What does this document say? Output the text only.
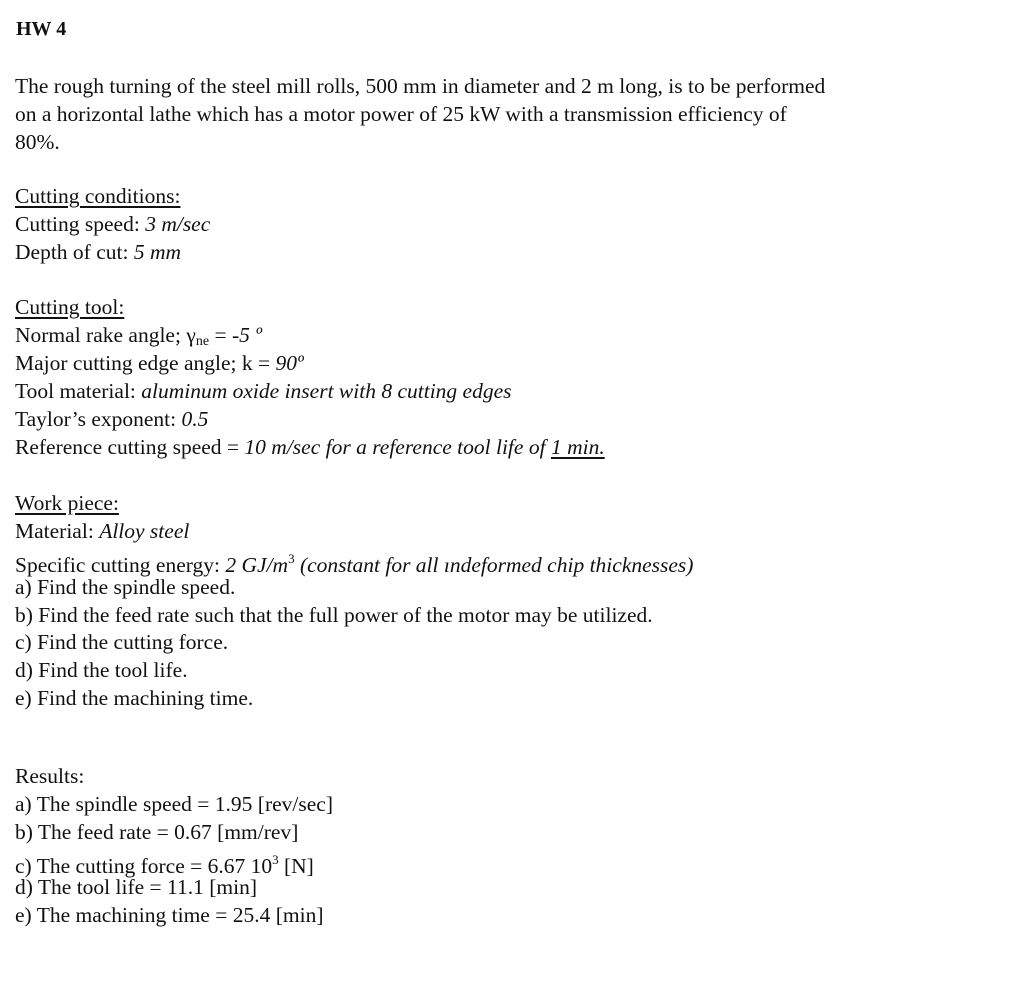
HW 4
The rough turning of the steel mill rolls, 500 mm in diameter and 2 m long, is to be performed
on a horizontal lathe which has a motor power of 25 kW with a transmission efficiency of
80%.
Cutting conditions:
Cutting speed: 3 m/sec
Depth of cut: 5 mm
Cutting tool:
Normal rake angle; $\gamma_{ne} = -5$ º
Major cutting edge angle; k = 90º
Tool material: aluminum oxide insert with 8 cutting edges
Taylor’s exponent: 0.5
Reference cutting speed = 10 m/sec for a reference tool life of 1 min.
Work piece:
Material: Alloy steel
Specific cutting energy: 2 $GJ/m^3$ (constant for all ındeformed chip thicknesses)
a) Find the spindle speed.
b) Find the feed rate such that the full power of the motor may be utilized.
c) Find the cutting force.
d) Find the tool life.
e) Find the machining time.
Results:
a) The spindle speed = 1.95 [rev/sec]
b) The feed rate = 0.67 [mm/rev]
c) The cutting force = 6.67 $10^3$ [N]
d) The tool life = 11.1 [min]
e) The machining time = 25.4 [min]
